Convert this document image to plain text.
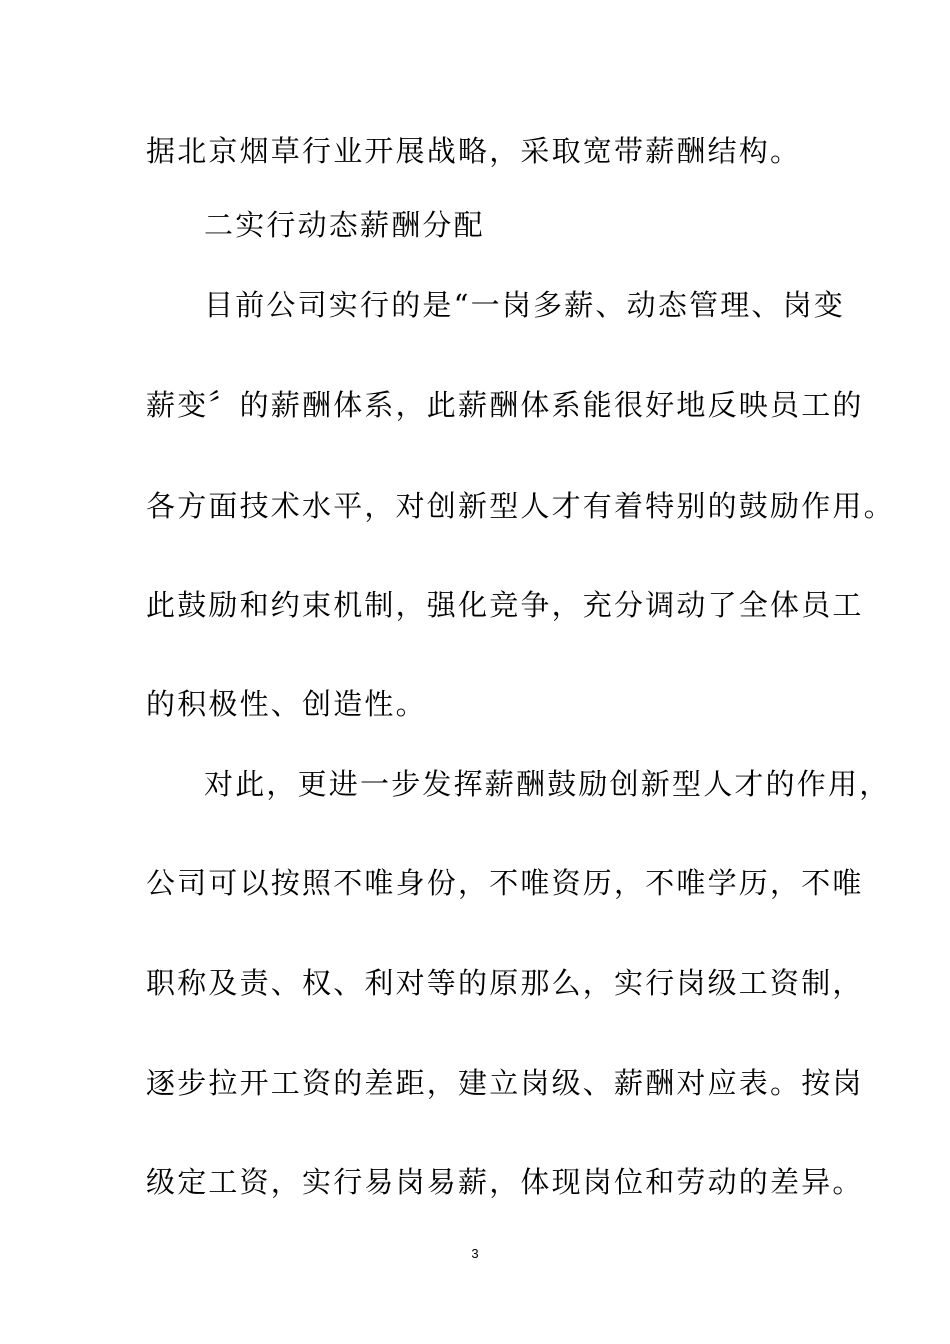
据北京烟草行业开展战略，采取宽带薪酬结构。
二实行动态薪酬分配
目前公司实行的是“一岗多薪、动态管理、岗变
薪变〞的薪酬体系，此薪酬体系能很好地反映员工的
各方面技术水平，对创新型人才有着特别的鼓励作用。
此鼓励和约束机制，强化竞争，充分调动了全体员工
的积极性、创造性。
对此，更进一步发挥薪酬鼓励创新型人才的作用，
公司可以按照不唯身份，不唯资历，不唯学历，不唯
职称及责、权、利对等的原那么，实行岗级工资制，
逐步拉开工资的差距，建立岗级、薪酬对应表。按岗
级定工资，实行易岗易薪，体现岗位和劳动的差异。
3
